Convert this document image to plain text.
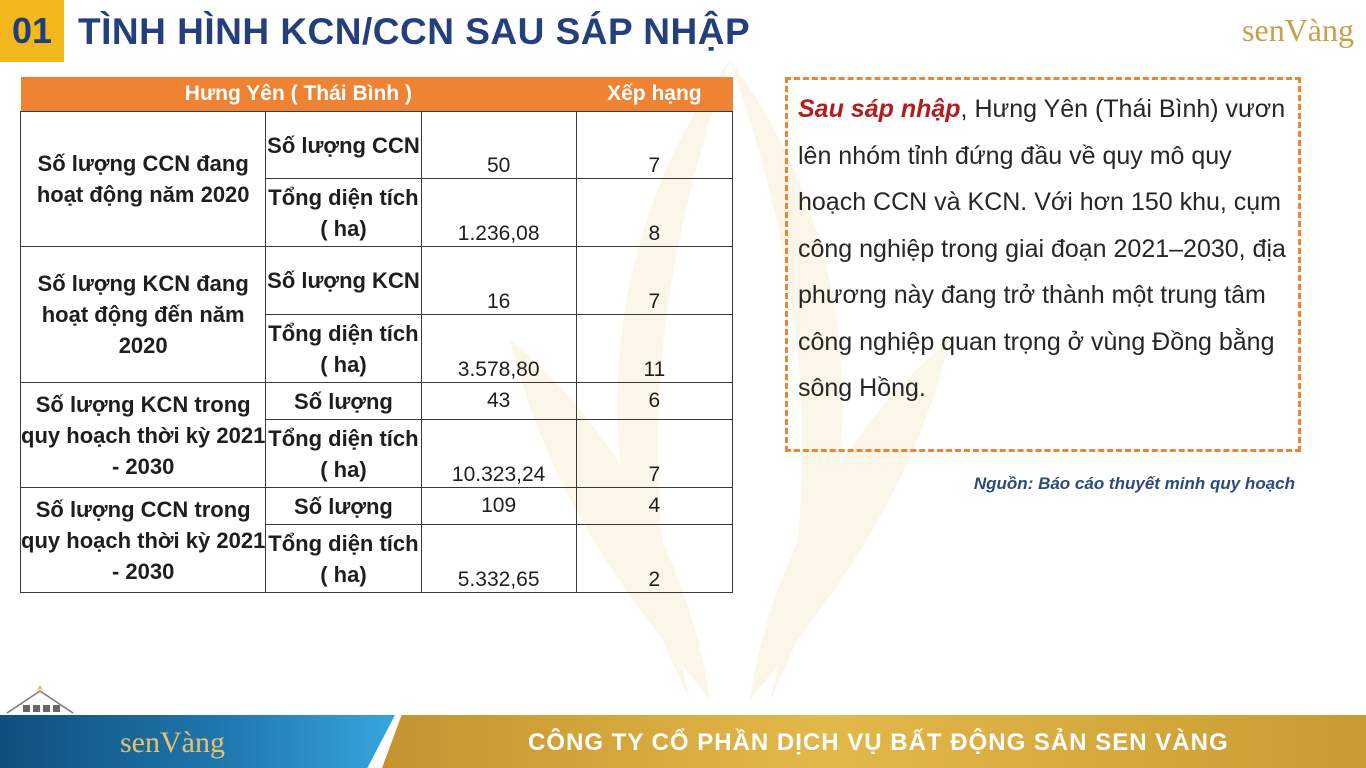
01 TÌNH HÌNH KCN/CCN SAU SÁP NHẬP	senVàng
Hưng Yên ( Thái Bình )			Xếp hạng
Số lượng CCN đang hoạt động năm 2020	Số lượng CCN	50	7
	Tổng diện tích ( ha)	1.236,08	8
Số lượng KCN đang hoạt động đến năm 2020	Số lượng KCN	16	7
	Tổng diện tích ( ha)	3.578,80	11
Số lượng KCN trong quy hoạch thời kỳ 2021 - 2030	Số lượng	43	6
	Tổng diện tích ( ha)	10.323,24	7
Số lượng CCN trong quy hoạch thời kỳ 2021 - 2030	Số lượng	109	4
	Tổng diện tích ( ha)	5.332,65	2
Sau sáp nhập, Hưng Yên (Thái Bình) vươn lên nhóm tỉnh đứng đầu về quy mô quy hoạch CCN và KCN. Với hơn 150 khu, cụm công nghiệp trong giai đoạn 2021–2030, địa phương này đang trở thành một trung tâm công nghiệp quan trọng ở vùng Đồng bằng sông Hồng.
Nguồn: Báo cáo thuyết minh quy hoạch
senVàng	CÔNG TY CỔ PHẦN DỊCH VỤ BẤT ĐỘNG SẢN SEN VÀNG
